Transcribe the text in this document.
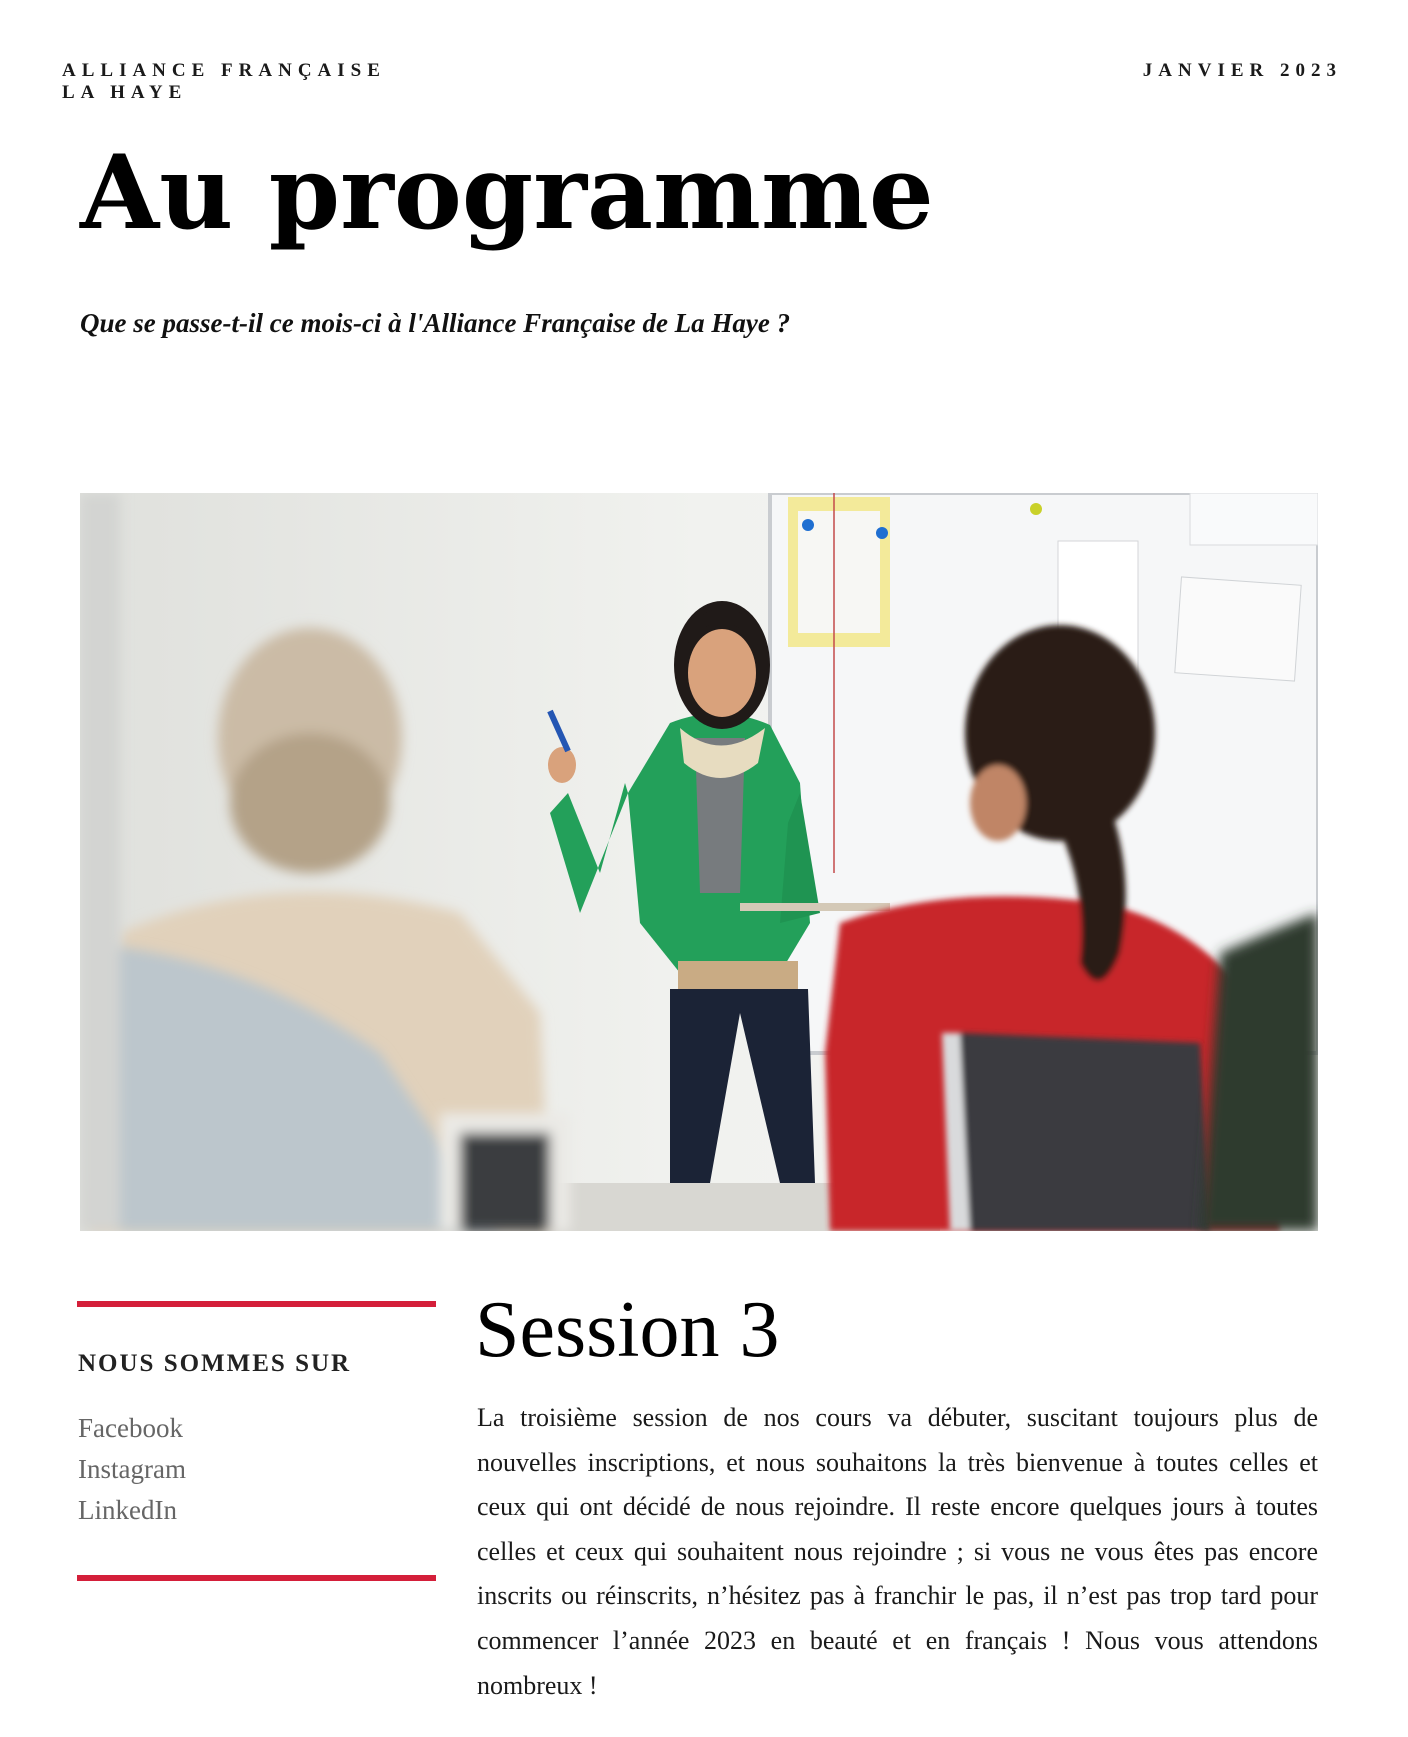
ALLIANCE FRANÇAISE
LA HAYE
JANVIER 2023
Au programme

Que se passe-t-il ce mois-ci à l'Alliance Française de La Haye ?

NOUS SOMMES SUR
Facebook
Instagram
LinkedIn
Session 3

La troisième session de nos cours va débuter, suscitant toujours plus de nouvelles inscriptions, et nous souhaitons la très bienvenue à toutes celles et ceux qui ont décidé de nous rejoindre. Il reste encore quelques jours à toutes celles et ceux qui souhaitent nous rejoindre ; si vous ne vous êtes pas encore inscrits ou réinscrits, n’hésitez pas à franchir le pas, il n’est pas trop tard pour commencer l’année 2023 en beauté et en français ! Nous vous attendons nombreux !
